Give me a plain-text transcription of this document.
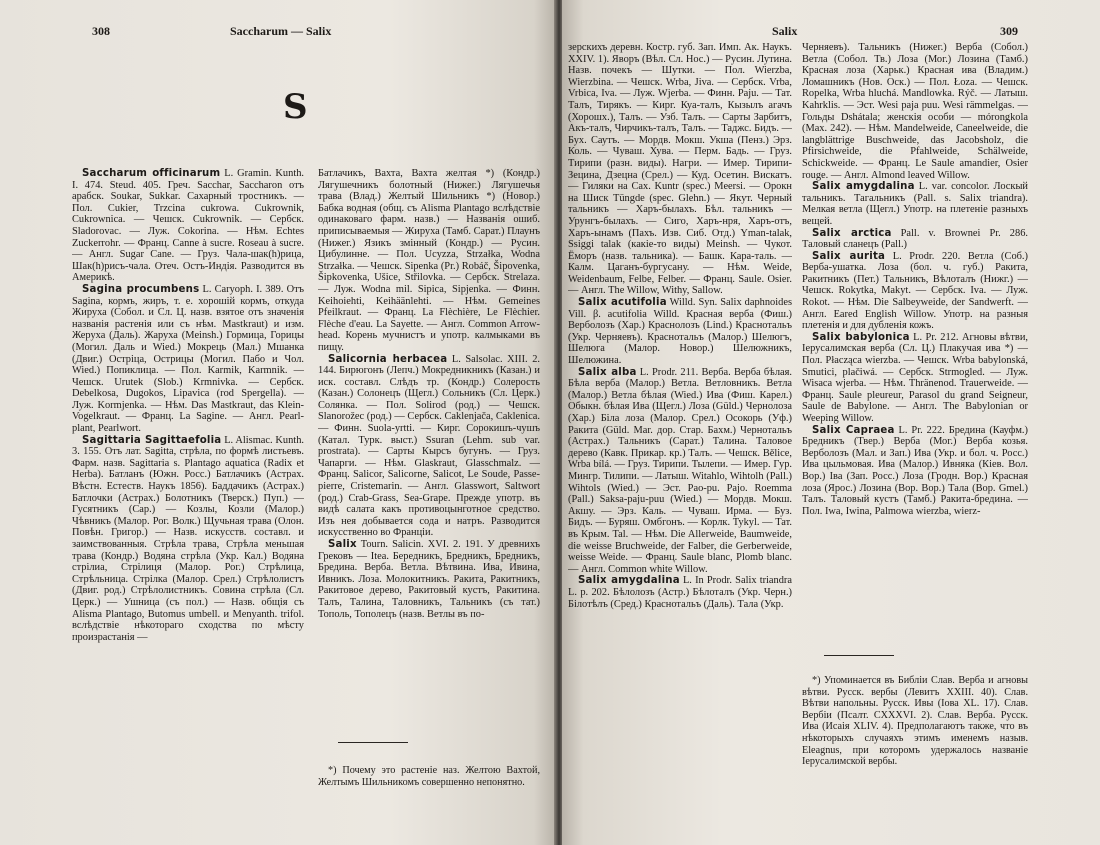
308	Saccharum — Salix
S

Saccharum officinarum L. Gramin. Kunth. I. 474. Steud. 405. Греч. Sacchar, Saccharon отъ арабск. Soukar, Sukkar. Сахарный тростникъ. — Пол. Cukier, Trzcina cukrowa. Cukrownik, Cukrownica. — Чешск. Cukrownik. — Сербск. Sladorovac. — Луж. Cokorina. — Нѣм. Echtes Zuckerrohr. — Франц. Canne à sucre. Roseau à sucre. — Англ. Sugar Cane. — Груз. Чала-шак(h)рица, Шак(h)рисъ-чала. Отеч. Остъ-Индія. Разводится въ Америкѣ.

Sagina procumbens L. Caryoph. I. 389. Отъ Sagina, кормъ, жиръ, т. е. хорошій кормъ, откуда Жируха (Собол. и Сл. Ц. назв. взятое отъ значенія названія растенія или съ нѣм. Mastkraut) и изм. Жеруха (Даль). Жаруха (Meinsh.) Гормица, Горицы (Могил. Даль и Wied.) Мокрець (Мал.) Мшанка (Двиг.) Остріца, Острицы (Могил. Пабо и Чол. Wied.) Попиклица. — Пол. Karmik, Karmnik. — Чешск. Urutek (Slob.) Krmnivka. — Сербск. Debelkosa, Dugokos, Lipavica (rod Spergella). — Луж. Kormjenka. — Нѣм. Das Mastkraut, das Klein-Vogelkraut. — Франц. La Sagine. — Англ. Pearl-plant, Pearlwort.

Sagittaria Sagittaefolia L. Alismac. Kunth. 3. 155. Отъ лат. Sagitta, стрѣла, по формѣ листьевъ. Фарм. назв. Sagittaria s. Plantago aquatica (Radix et Herba). Батланъ (Южн. Росс.) Батлачикъ (Астрах. Вѣстн. Естеств. Наукъ 1856). Баддачикъ (Астрах.) Батлочки (Астрах.) Болотникъ (Тверск.) Пуп.) — Гусятникъ (Сар.) — Козлы, Козли (Малор.) Чѣвникъ (Малор. Рог. Волк.) Щучьная трава (Олон. Повѣн. Григор.) — Назв. искусств. составл. и заимствованныя. Стрѣла трава, Стрѣла меньшая трава (Кондр.) Водяна стрѣла (Укр. Кал.) Водяна стрілиа, Стрілиця (Малор. Рог.) Стрѣлица, Стрѣльница. Стрілка (Малор. Срел.) Стрѣлолистъ (Двиг. род.) Стрѣлолистникъ. Совина стрѣла (Сл. Церк.) — Ушница (съ пол.) — Назв. общія съ Alisma Plantago, Butomus umbell. и Menyanth. trifol. вслѣдствіе нѣкотораго сходства по мѣсту произрастанія —

Батлачикъ, Вахта, Вахта желтая *) (Кондр.) Лягушечникъ болотный (Нижег.) Лягушечья трава (Влад.) Желтый Шильникъ *) (Новор.) Бабка водная (общ. съ Alisma Plantago вслѣдствіе одинаковаго фарм. назв.) — Названія ошиб. приписываемыя — Жируха (Тамб. Сарат.) Плаунъ (Нижег.) Язикъ змінный (Кондр.) — Русин. Цибулинне. — Пол. Ucyzza, Strzałka, Wodna Strzałka. — Чешск. Sipenka (Pr.) Robáč, Šipovenka, Šipkovenka, Ušice, Střilovka. — Сербск. Strelaza. — Луж. Wodna mil. Sipica, Sipjenka. — Финн. Keihoiehti, Keihäänlehti. — Нѣм. Gemeines Pfeilkraut. — Франц. La Flèchière, Le Flèchier. Flèche d'eau. La Sayette. — Англ. Common Arrow-head. Корень мучнистъ и употр. калмыками въ пищу.

Salicornia herbacea L. Salsolac. XIII. 2. 144. Бирюгонъ (Лепч.) Мокредникникъ (Казан.) и иск. составл. Слѣдъ тр. (Кондр.) Солерость (Казан.) Солонецъ (Щегл.) Сольникъ (Сл. Церк.) Солянка. — Пол. Solirod (род.) — Чешск. Slanorožec (род.) — Сербск. Caklenjača, Caklenica. — Финн. Suola-yrtti. — Кирг. Сорокишъ-чушъ (Катал. Турк. выст.) Ssuran (Lehm. sub var. prostrata). — Сарты Кырсъ бугунъ. — Груз. Чапарги. — Нѣм. Glaskraut, Glasschmalz. — Франц. Salicor, Salicorne, Salicot, Le Soude, Passe-pierre, Cristemarin. — Англ. Glasswort, Saltwort (род.) Crab-Grass, Sea-Grape. Прежде употр. въ видѣ салата какъ противоцынготное средство. Изъ нея добывается сода и натръ. Разводится искусственно во Франціи.

Salix Tourn. Salicin. XVI. 2. 191. У древнихъ Грековъ — Itea. Бередникъ, Бредникъ, Бредникъ, Бредина. Верба. Ветла. Вѣтвина. Ива, Ивина, Ивникъ. Лоза. Молокитникъ. Ракита, Ракитникъ, Ракитовое дерево, Ракитовый кустъ, Ракитина. Талъ, Талина, Таловникъ, Тальникъ (съ тат.) Тополь, Тополецъ (назв. Ветлы въ по-

*) Почему это растеніе наз. Желтою Вахтой, Желтымъ Шильникомъ совершенно непонятно.

Salix	309

зерскихъ деревн. Костр. губ. Зап. Имп. Ак. Наукъ. XXIV. 1). Яворъ (Вѣл. Сл. Нос.) — Русин. Лутина. Назв. почекъ — Шутки. — Пол. Wierzba, Wierzbina. — Чешск. Wrba, Jiva. — Сербск. Vrba, Vrbica, Iva. — Луж. Wjerba. — Финн. Paju. — Тат. Талъ, Тирякъ. — Кирг. Куа-талъ, Кызылъ агачъ (Хорошх.), Талъ. — Узб. Талъ. — Сарты Зарбитъ, Акъ-талъ, Чирчикъ-талъ, Талъ. — Таджс. Бидъ. — Бух. Саутъ. — Мордв. Мокш. Укша (Пенз.) Эрз. Коль. — Чуваш. Хува. — Перм. Бадь. — Груз. Тирипи (разн. виды). Нагри. — Имер. Тирипи-Зецина, Дзецна (Срел.) — Куд. Осетин. Вискатъ. — Гиляки на Сах. Kuntr (spec.) Meersi. — Орокн на Шиск Tüngde (spec. Glehn.) — Якут. Черный тальникъ — Харъ-былахъ. Бѣл. тальникъ — Урунгъ-былахъ. — Сиго, Харъ-нря, Харъ-отъ, Харъ-ынамъ (Пахъ. Изв. Сиб. Отд.) Yman-talak, Ssiggi talak (какіе-то виды) Meinsh. — Чукот. Ёморъ (назв. тальника). — Башк. Кара-таль. — Калм. Цаганъ-бургусану. — Нѣм. Weide, Weidenbaum, Felbe, Felber. — Франц. Saule. Osier. — Англ. The Willow, Withy, Sallow.

Salix acutifolia Willd. Syn. Salix daphnoides Vill. β. acutifolia Willd. Красная верба (Фиш.) Верболозъ (Хар.) Краснолозъ (Lind.) Краснотальъ (Укр. Черняевъ). Краснотальъ (Малор.) Шелюгъ, Шелюга (Малор. Новор.) Шелюжникъ, Шелюжина.

Salix alba L. Prodr. 211. Верба. Верба бѣлая. Бѣла верба (Малор.) Ветла. Ветловникъ. Ветла (Малор.) Ветла бѣлая (Wied.) Ива (Фиш. Карел.) Обыкн. бѣлая Ива (Щегл.) Лоза (Güld.) Чернолоза (Хар.) Біла лоза (Малор. Срел.) Осокорь (Уф.) Ракита (Güld. Mar. дор. Стар. Бахм.) Чернотальъ (Астрах.) Тальникъ (Сарат.) Талина. Таловое дерево (Кавк. Прикар. кр.) Талъ. — Чешск. Bělice, Wrba bílá. — Груз. Тирипи. Тылепи. — Имер. Гур. Мингр. Тилипи. — Латыш. Witahlo, Wihtolh (Pall.) Wihtols (Wied.) — Эст. Pao-pu. Pajo. Roemma (Pall.) Saksa-paju-puu (Wied.) — Мордв. Мокш. Акшу. — Эрз. Каль. — Чуваш. Ирма. — Буз. Бидъ. — Буряш. Омбгонъ. — Корлк. Tykyl. — Тат. въ Крым. Tal. — Нѣм. Die Allerweide, Baumweide, die weisse Bruchweide, der Falber, die Gerberweide, weisse Weide. — Франц. Saule blanc, Plomb blanc. — Англ. Common white Willow.

Salix amygdalina L. In Prodr. Salix triandra L. p. 202. Бѣлолозъ (Астр.) Бѣлоталъ (Укр. Черн.) Білотѣлъ (Сред.) Краснотальъ (Даль). Тала (Укр.

Черняевъ). Тальникъ (Нижег.) Верба (Собол.) Ветла (Собол. Тв.) Лоза (Мог.) Лозина (Тамб.) Красная лоза (Харьк.) Красная ива (Владим.) Ломашникъ (Нов. Оск.) — Пол. Łoza. — Чешск. Ropelka, Wrba hluchá. Mandlowka. Rýč. — Латыш. Kahrklis. — Эст. Wesi paja puu. Wesi rämmelgas. — Гольды Dshátala; женскія особи — mórongkola (Max. 242). — Нѣм. Mandelweide, Caneelweide, die langblättrige Buschweide, das Jacobsholz, die Pfirsichweide, die Pfahlweide, Schälweide, Schickweide. — Франц. Le Saule amandier, Osier rouge. — Англ. Almond leaved Willow.

Salix amygdalina L. var. concolor. Лоскый тальникъ. Тагальникъ (Pall. s. Salix triandra). Мелкая ветла (Щегл.) Употр. на плетеніе разныхъ вещей.

Salix arctica Pall. v. Brownei Pr. 286. Таловый сланецъ (Pall.)

Salix aurita L. Prodr. 220. Ветла (Соб.) Верба-ушатка. Лоза (бол. ч. губ.) Ракита, Ракитникъ (Пет.) Тальникъ, Вѣлоталъ (Нижг.) — Чешск. Rokytka, Makyt. — Сербск. Iva. — Луж. Rokot. — Нѣм. Die Salbeyweide, der Sandwerft. — Англ. Eared English Willow. Употр. на разныя плетенія и для дубленія кожъ.

Salix babylonica L. Pr. 212. Агновы вѣтви, Іерусалимская верба (Сл. Ц.) Плакучая ива *) — Пол. Płacząca wierzba. — Чешск. Wrba babylonská, Smutici, plačiwá. — Сербск. Strmogled. — Луж. Wisaca wjerba. — Нѣм. Thränenod. Trauerweide. — Франц. Saule pleureur, Parasol du grand Seigneur, Saule de Babylone. — Англ. The Babylonian or Weeping Willow.

Salix Capraea L. Pr. 222. Бредина (Кауфм.) Бредникъ (Твер.) Верба (Мог.) Верба козья. Верболозъ (Мал. и Зап.) Ива (Укр. и бол. ч. Росс.) Ива цыльмовая. Ива (Малор.) Ивняка (Кіев. Вол. Вор.) Іва (Зап. Росс.) Лоза (Гродн. Вор.) Красная лоза (Ярос.) Лозина (Вор. Вор.) Тала (Вор. Gmel.) Талъ. Таловый кустъ (Тамб.) Ракита-бредина. — Пол. Iwa, Iwina, Palmowa wierzba, wierz-

*) Упоминается въ Библіи Слав. Верба и агновы вѣтви. Русск. вербы (Левитъ XXIII. 40). Слав. Вѣтви напольны. Русск. Ивы (Іова XL. 17). Слав. Вербіи (Псалт. CXXXVI. 2). Слав. Верба. Русск. Ива (Исаія XLIV. 4). Предполагаютъ также, что въ нѣкоторыхъ случаяхъ этимъ именемъ назыв. Eleagnus, при которомъ удержалось названіе Іерусалимской вербы.
